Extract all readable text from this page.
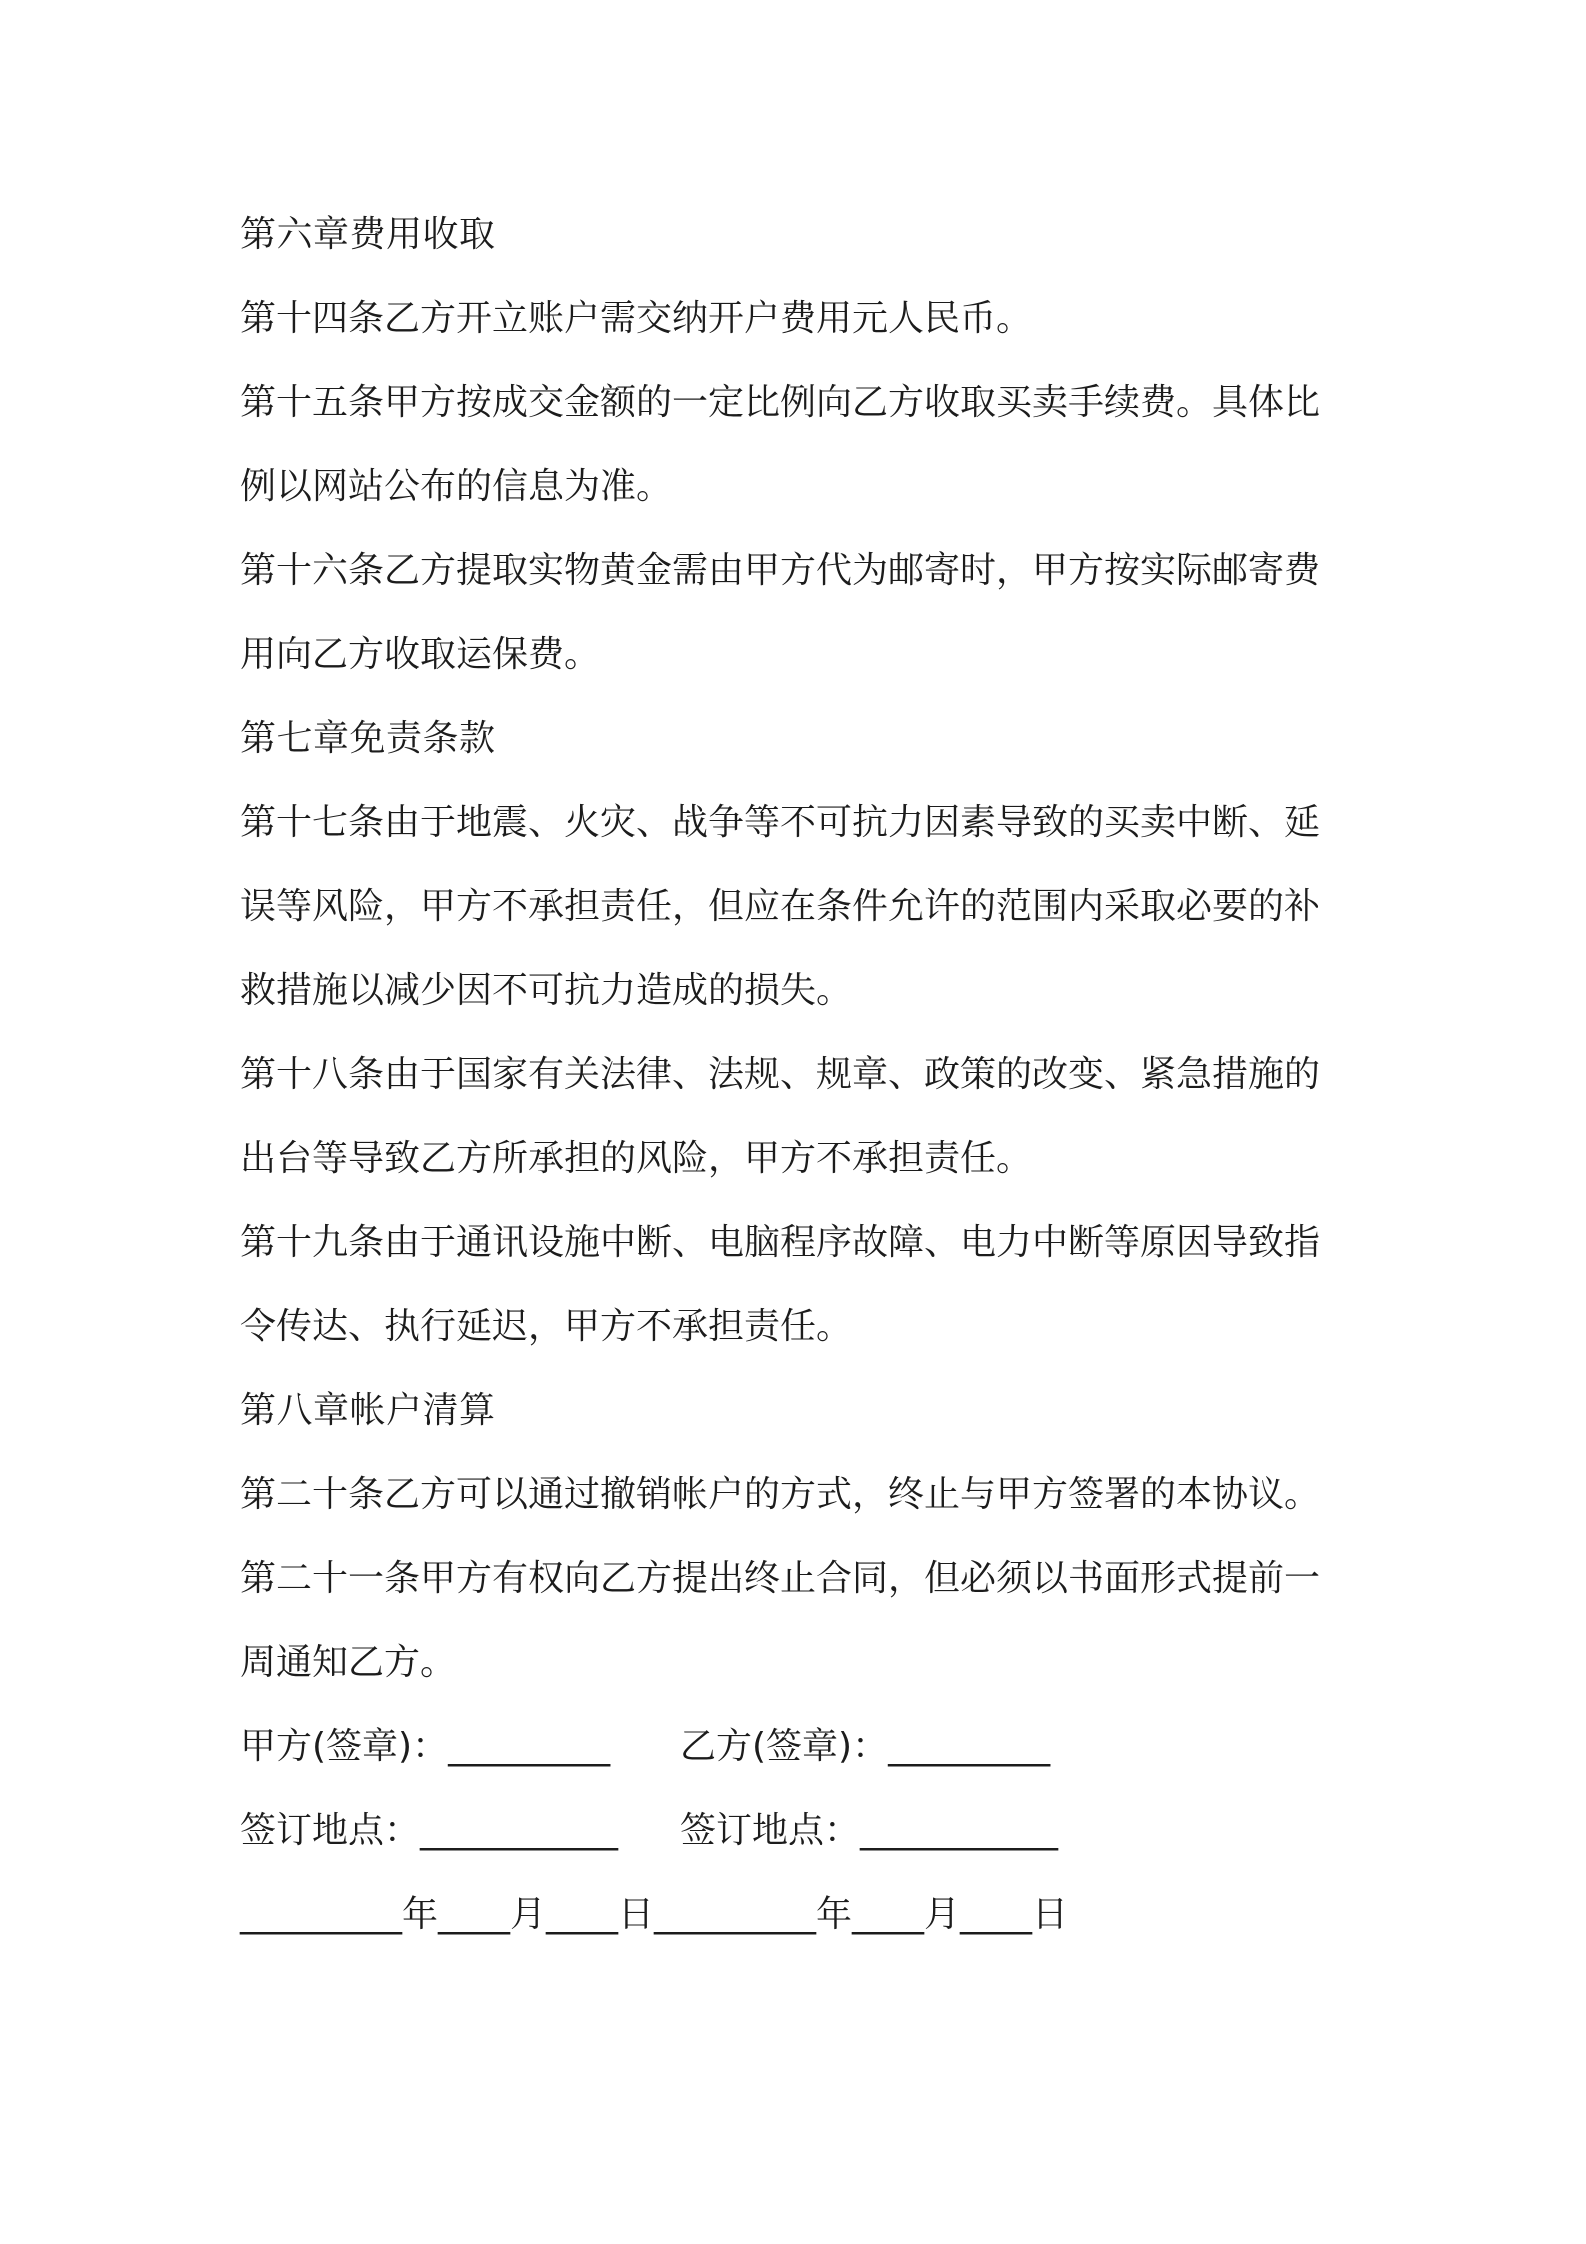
第六章费用收取
第十四条乙方开立账户需交纳开户费用元人民币。
第十五条甲方按成交金额的一定比例向乙方收取买卖手续费。具体比
例以网站公布的信息为准。
第十六条乙方提取实物黄金需由甲方代为邮寄时，甲方按实际邮寄费
用向乙方收取运保费。
第七章免责条款
第十七条由于地震、火灾、战争等不可抗力因素导致的买卖中断、延
误等风险，甲方不承担责任，但应在条件允许的范围内采取必要的补
救措施以减少因不可抗力造成的损失。
第十八条由于国家有关法律、法规、规章、政策的改变、紧急措施的
出台等导致乙方所承担的风险，甲方不承担责任。
第十九条由于通讯设施中断、电脑程序故障、电力中断等原因导致指
令传达、执行延迟，甲方不承担责任。
第八章帐户清算
第二十条乙方可以通过撤销帐户的方式，终止与甲方签署的本协议。
第二十一条甲方有权向乙方提出终止合同，但必须以书面形式提前一
周通知乙方。
甲方(签章)：_________ 乙方(签章)：_________
签订地点：___________ 签订地点：___________
_________年____月____日_________年____月____日
